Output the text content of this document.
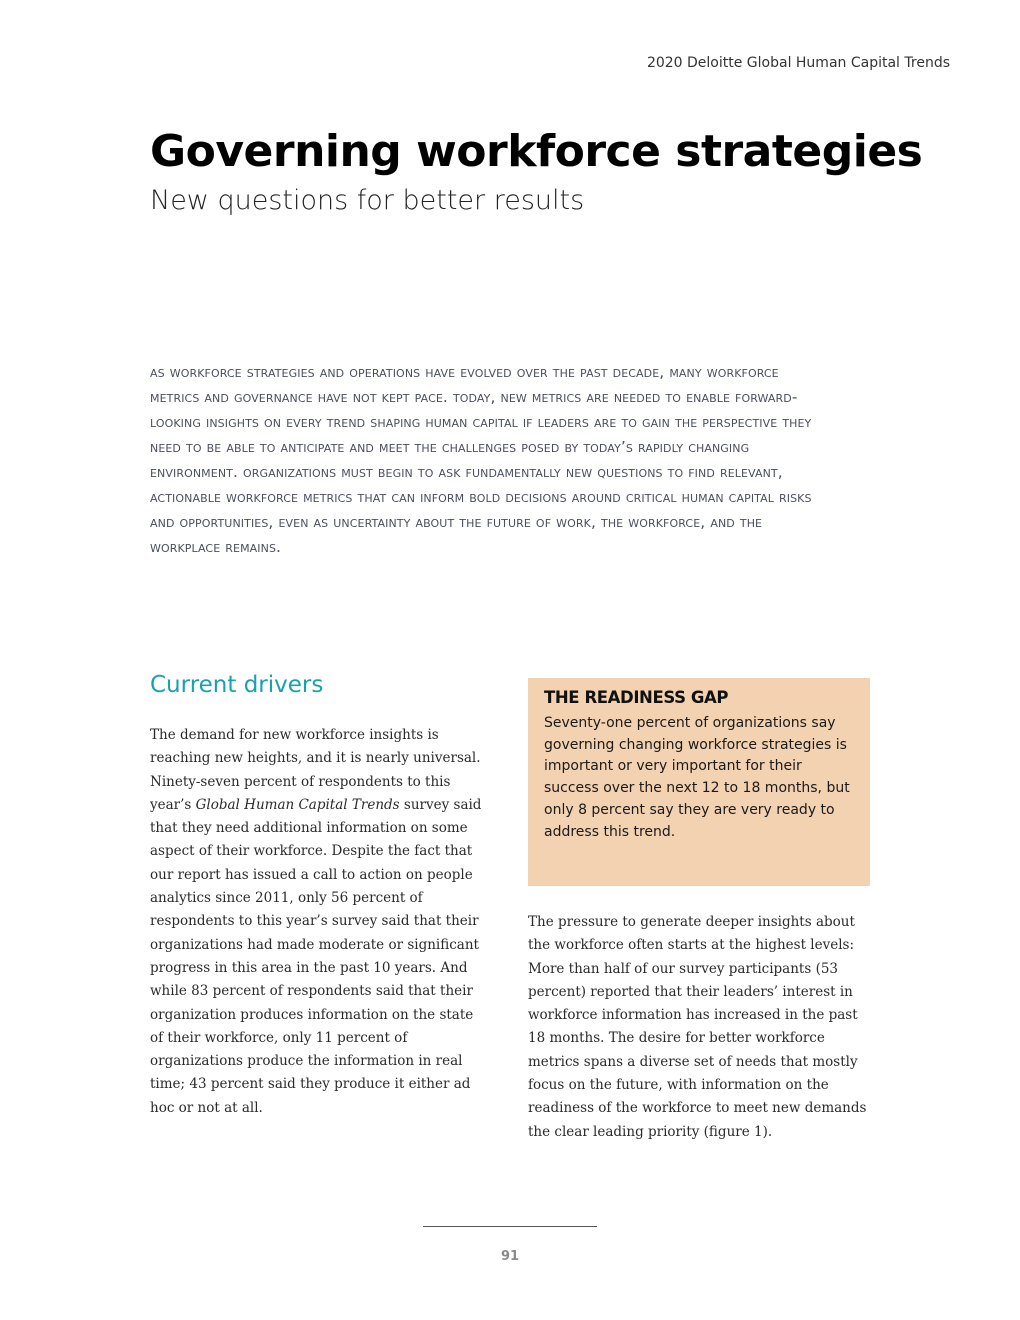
2020 Deloitte Global Human Capital Trends
Governing workforce strategies
New questions for better results

as workforce strategies and operations have evolved over the past decade, many workforce metrics and governance have not kept pace. today, new metrics are needed to enable forward-looking insights on every trend shaping human capital if leaders are to gain the perspective they need to be able to anticipate and meet the challenges posed by today’s rapidly changing environment. organizations must begin to ask fundamentally new questions to find relevant, actionable workforce metrics that can inform bold decisions around critical human capital risks and opportunities, even as uncertainty about the future of work, the workforce, and the workplace remains.

Current drivers

The demand for new workforce insights is reaching new heights, and it is nearly universal. Ninety-seven percent of respondents to this year’s Global Human Capital Trends survey said that they need additional information on some aspect of their workforce. Despite the fact that our report has issued a call to action on people analytics since 2011, only 56 percent of respondents to this year’s survey said that their organizations had made moderate or significant progress in this area in the past 10 years. And while 83 percent of respondents said that their organization produces information on the state of their workforce, only 11 percent of organizations produce the information in real time; 43 percent said they produce it either ad hoc or not at all.

THE READINESS GAP

Seventy-one percent of organizations say governing changing workforce strategies is important or very important for their success over the next 12 to 18 months, but only 8 percent say they are very ready to address this trend.

The pressure to generate deeper insights about the workforce often starts at the highest levels: More than half of our survey participants (53 percent) reported that their leaders’ interest in workforce information has increased in the past 18 months. The desire for better workforce metrics spans a diverse set of needs that mostly focus on the future, with information on the readiness of the workforce to meet new demands the clear leading priority (figure 1).

91
